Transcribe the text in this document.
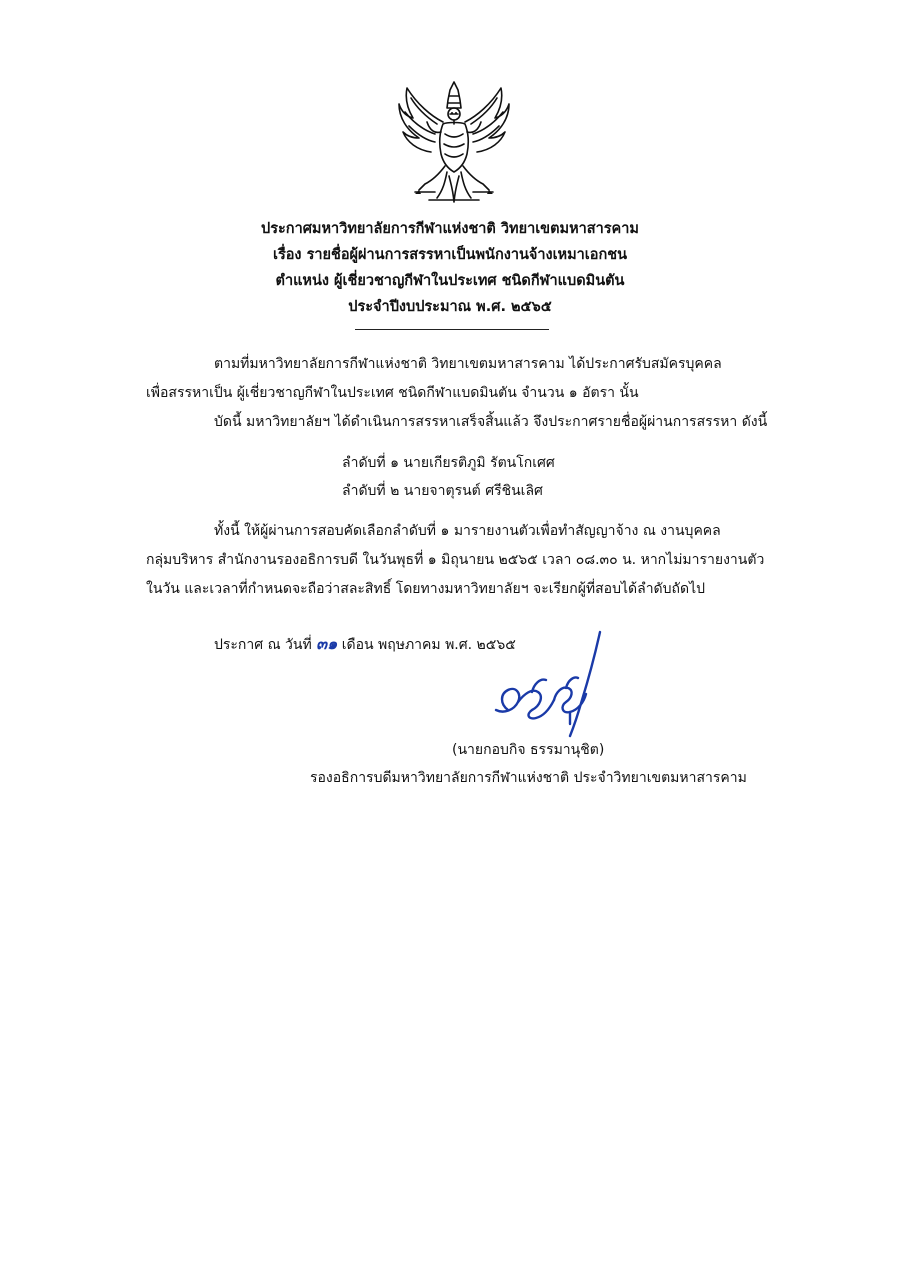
ประกาศมหาวิทยาลัยการกีฬาแห่งชาติ วิทยาเขตมหาสารคาม
เรื่อง รายชื่อผู้ผ่านการสรรหาเป็นพนักงานจ้างเหมาเอกชน
ตำแหน่ง ผู้เชี่ยวชาญกีฬาในประเทศ ชนิดกีฬาแบดมินตัน
ประจำปีงบประมาณ พ.ศ. ๒๕๖๕
ตามที่มหาวิทยาลัยการกีฬาแห่งชาติ วิทยาเขตมหาสารคาม ได้ประกาศรับสมัครบุคคล
เพื่อสรรหาเป็น ผู้เชี่ยวชาญกีฬาในประเทศ ชนิดกีฬาแบดมินตัน จำนวน ๑ อัตรา นั้น
บัดนี้ มหาวิทยาลัยฯ ได้ดำเนินการสรรหาเสร็จสิ้นแล้ว จึงประกาศรายชื่อผู้ผ่านการสรรหา ดังนี้
ลำดับที่ ๑ นายเกียรติภูมิ รัตนโกเศศ
ลำดับที่ ๒ นายจาตุรนต์ ศรีชินเลิศ
ทั้งนี้ ให้ผู้ผ่านการสอบคัดเลือกลำดับที่ ๑ มารายงานตัวเพื่อทำสัญญาจ้าง ณ งานบุคคล
กลุ่มบริหาร สำนักงานรองอธิการบดี ในวันพุธที่ ๑ มิถุนายน ๒๕๖๕ เวลา ๐๘.๓๐ น. หากไม่มารายงานตัว
ในวัน และเวลาที่กำหนดจะถือว่าสละสิทธิ์ โดยทางมหาวิทยาลัยฯ จะเรียกผู้ที่สอบได้ลำดับถัดไป
ประกาศ ณ วันที่ ๓๑ เดือน พฤษภาคม พ.ศ. ๒๕๖๕
(นายกอบกิจ ธรรมานุชิต)
รองอธิการบดีมหาวิทยาลัยการกีฬาแห่งชาติ ประจำวิทยาเขตมหาสารคาม
